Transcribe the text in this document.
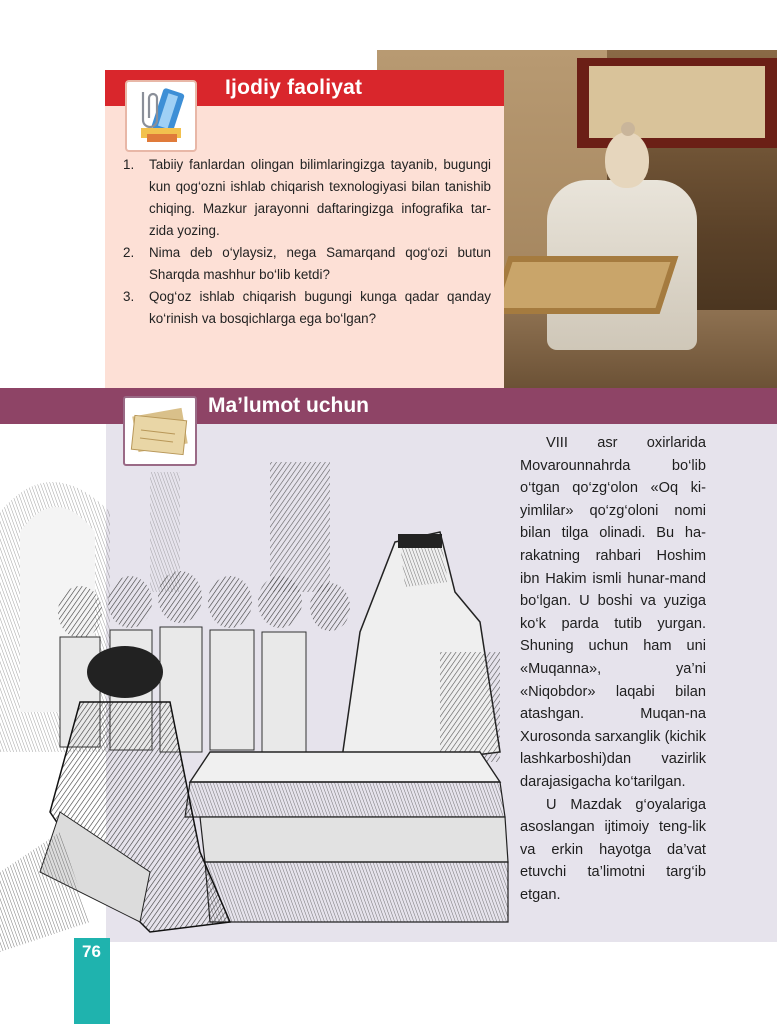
Ijodiy faoliyat
1. Tabiiy fanlardan olingan bilimlaringizga tayanib, bugungi kun qog‘ozni ishlab chiqarish texnologiyasi bilan tanishib chiqing. Mazkur jarayonni daftaringizga infografika tar-zida yozing.
2. Nima deb o‘ylaysiz, nega Samarqand qog‘ozi butun Sharqda mashhur bo‘lib ketdi?
3. Qog‘oz ishlab chiqarish bugungi kunga qadar qanday ko‘rinish va bosqichlarga ega bo‘lgan?
Ma’lumot uchun

VIII asr oxirlarida Movarounnahrda bo‘lib o‘tgan qo‘zg‘olon «Oq ki-yimlilar» qo‘zg‘oloni nomi bilan tilga olinadi. Bu ha-rakatning rahbari Hoshim ibn Hakim ismli hunar-mand bo‘lgan. U boshi va yuziga ko‘k parda tutib yurgan. Shuning uchun ham uni «Muqanna», ya’ni «Niqobdor» laqabi bilan atashgan. Muqan-na Xurosonda sarxanglik (kichik lashkarboshi)dan vazirlik darajasigacha ko‘tarilgan.

U Mazdak g‘oyalariga asoslangan ijtimoiy teng-lik va erkin hayotga da’vat etuvchi ta’limotni targ‘ib etgan.

76
